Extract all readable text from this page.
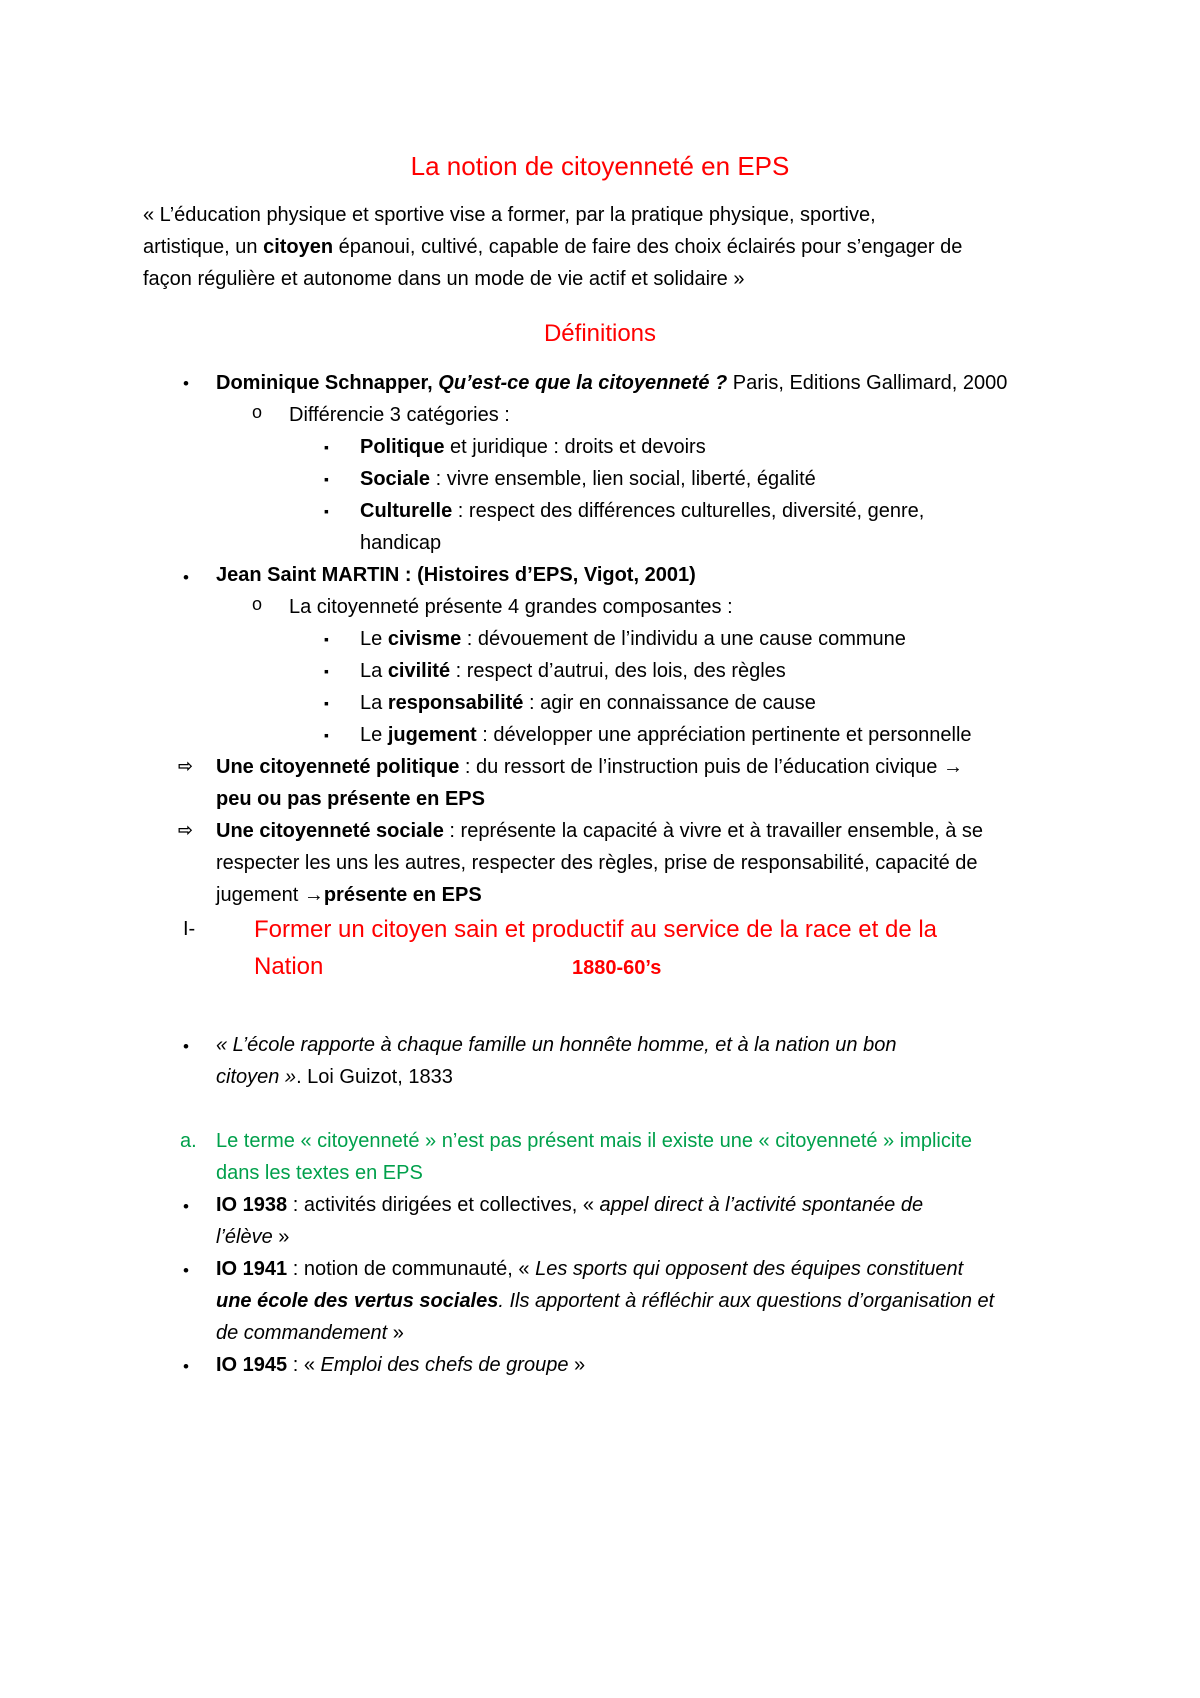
La notion de citoyenneté en EPS
« L’éducation physique et sportive vise a former, par la pratique physique, sportive,
artistique, un citoyen épanoui, cultivé, capable de faire des choix éclairés pour s’engager de
façon régulière et autonome dans un mode de vie actif et solidaire »
Définitions
• Dominique Schnapper, Qu’est-ce que la citoyenneté ? Paris, Editions Gallimard, 2000
o Différencie 3 catégories :
▪ Politique et juridique : droits et devoirs
▪ Sociale : vivre ensemble, lien social, liberté, égalité
▪ Culturelle : respect des différences culturelles, diversité, genre,
handicap
• Jean Saint MARTIN : (Histoires d’EPS, Vigot, 2001)
o La citoyenneté présente 4 grandes composantes :
▪ Le civisme : dévouement de l’individu a une cause commune
▪ La civilité : respect d’autrui, des lois, des règles
▪ La responsabilité : agir en connaissance de cause
▪ Le jugement : développer une appréciation pertinente et personnelle
⇨ Une citoyenneté politique : du ressort de l’instruction puis de l’éducation civique →
peu ou pas présente en EPS
⇨ Une citoyenneté sociale : représente la capacité à vivre et à travailler ensemble, à se
respecter les uns les autres, respecter des règles, prise de responsabilité, capacité de
jugement →présente en EPS
I- Former un citoyen sain et productif au service de la race et de la
Nation	1880-60’s
• « L’école rapporte à chaque famille un honnête homme, et à la nation un bon
citoyen ». Loi Guizot, 1833
a. Le terme « citoyenneté » n’est pas présent mais il existe une « citoyenneté » implicite
dans les textes en EPS
• IO 1938 : activités dirigées et collectives, « appel direct à l’activité spontanée de
l’élève »
• IO 1941 : notion de communauté, « Les sports qui opposent des équipes constituent
une école des vertus sociales. Ils apportent à réfléchir aux questions d’organisation et
de commandement »
• IO 1945 : « Emploi des chefs de groupe »
